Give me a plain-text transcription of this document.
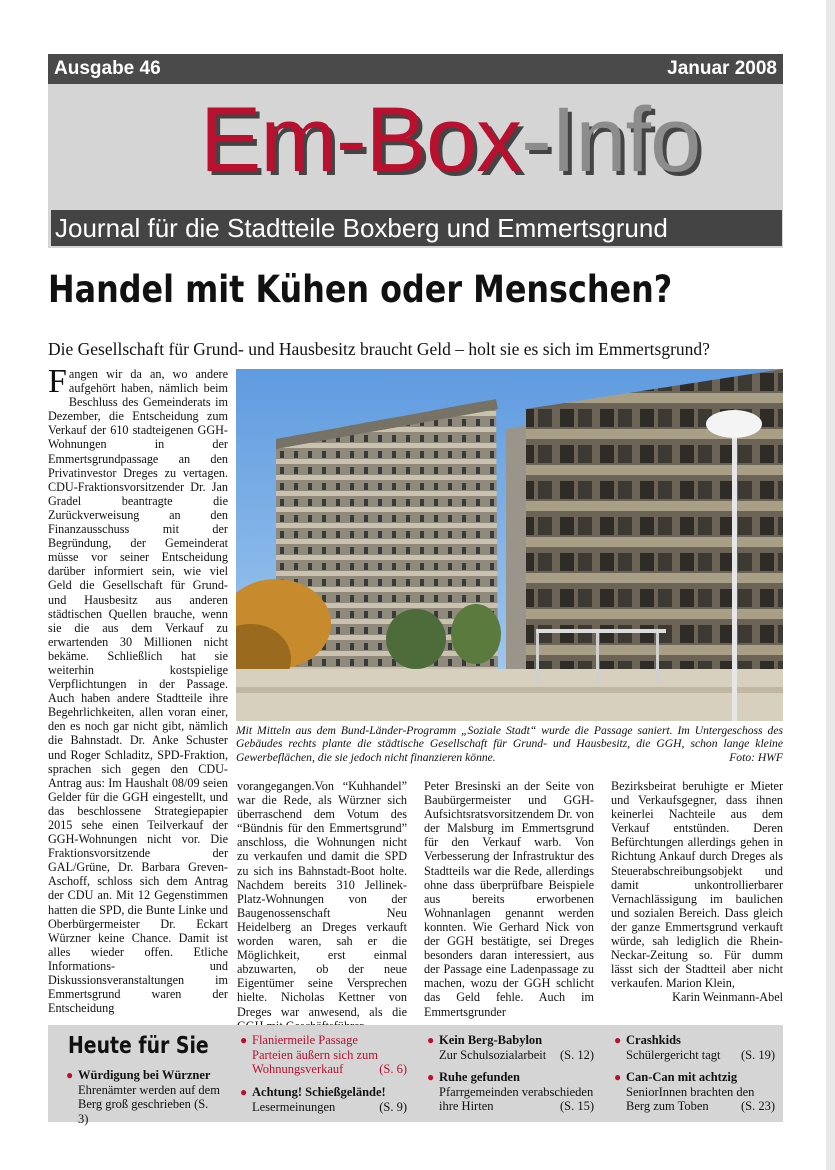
Ausgabe 46	Januar 2008
Em-Box-Info
Journal für die Stadtteile Boxberg und Emmertsgrund
Handel mit Kühen oder Menschen?
Die Gesellschaft für Grund- und Hausbesitz braucht Geld – holt sie es sich im Emmertsgrund?
Fangen wir da an, wo andere aufgehört haben, nämlich beim Beschluss des Gemeinderats im Dezember, die Entscheidung zum Verkauf der 610 stadteigenen GGH-Wohnungen in der Emmertsgrundpassage an den Privatinvestor Dreges zu vertagen. CDU-Fraktionsvorsitzender Dr. Jan Gradel beantragte die Zurückverweisung an den Finanzausschuss mit der Begründung, der Gemeinderat müsse vor seiner Entscheidung darüber informiert sein, wie viel Geld die Gesellschaft für Grund- und Hausbesitz aus anderen städtischen Quellen brauche, wenn sie die aus dem Verkauf zu erwartenden 30 Millionen nicht bekäme. Schließlich hat sie weiterhin kostspielige Verpflichtungen in der Passage. Auch haben andere Stadtteile ihre Begehrlichkeiten, allen voran einer, den es noch gar nicht gibt, nämlich die Bahnstadt. Dr. Anke Schuster und Roger Schladitz, SPD-Fraktion, sprachen sich gegen den CDU-Antrag aus: Im Haushalt 08/09 seien Gelder für die GGH eingestellt, und das beschlossene Strategiepapier 2015 sehe einen Teilverkauf der GGH-Wohnungen nicht vor. Die Fraktionsvorsitzende der GAL/Grüne, Dr. Barbara Greven-Aschoff, schloss sich dem Antrag der CDU an. Mit 12 Gegenstimmen hatten die SPD, die Bunte Linke und Oberbürgermeister Dr. Eckart Würzner keine Chance. Damit ist alles wieder offen. Etliche Informations- und Diskussionsveranstaltungen im Emmertsgrund waren der Entscheidung
Mit Mitteln aus dem Bund-Länder-Programm „Soziale Stadt“ wurde die Passage saniert. Im Untergeschoss des Gebäudes rechts plante die städtische Gesellschaft für Grund- und Hausbesitz, die GGH, schon lange kleine Gewerbeflächen, die sie jedoch nicht finanzieren könne.	Foto: HWF
vorangegangen.Von “Kuhhandel” war die Rede, als Würzner sich überraschend dem Votum des “Bündnis für den Emmertsgrund” anschloss, die Wohnungen nicht zu verkaufen und damit die SPD zu sich ins Bahnstadt-Boot holte. Nachdem bereits 310 Jellinek-Platz-Wohnungen von der Baugenossenschaft Neu Heidelberg an Dreges verkauft worden waren, sah er die Möglichkeit, erst einmal abzuwarten, ob der neue Eigentümer seine Versprechen hielte. Nicholas Kettner von Dreges war anwesend, als die
Peter Bresinski an der Seite von Baubürgermeister und GGH-Aufsichtsratsvorsitzendem Dr. von der Malsburg im Emmertsgrund für den Verkauf warb. Von Verbesserung der Infrastruktur des Stadtteils war die Rede, allerdings ohne dass überprüfbare Beispiele aus bereits erworbenen Wohnanlagen genannt werden konnten. Wie Gerhard Nick von der GGH bestätigte, sei Dreges besonders daran interessiert, aus der Passage eine Ladenpassage zu machen, wozu der GGH schlicht das Geld fehle. Auch im Emmertsgrunder
Bezirksbeirat beruhigte er Mieter und Verkaufsgegner, dass ihnen keinerlei Nachteile aus dem Verkauf entstünden. Deren Befürchtungen allerdings gehen in Richtung Ankauf durch Dreges als Steuerabschreibungsobjekt und damit unkontrollierbarer Vernachlässigung im baulichen und sozialen Bereich. Dass gleich der ganze Emmertsgrund verkauft würde, sah lediglich die Rhein-Neckar-Zeitung so. Für dumm lässt sich der Stadtteil aber nicht verkaufen. Marion Klein,
Karin Weinmann-Abel
Heute für Sie
● Würdigung bei Würzner
Ehrenämter werden auf dem Berg groß geschrieben (S. 3)
● Flaniermeile Passage
Parteien äußern sich zum Wohnungsverkauf	(S. 6)
● Achtung! Schießgelände!
Lesermeinungen	(S. 9)
● Kein Berg-Babylon
Zur Schulsozialarbeit (S. 12)
● Ruhe gefunden
Pfarrgemeinden verabschieden ihre Hirten	(S. 15)
● Crashkids
Schülergericht tagt (S. 19)
● Can-Can mit achtzig
SeniorInnen brachten den Berg zum Toben	(S. 23)
